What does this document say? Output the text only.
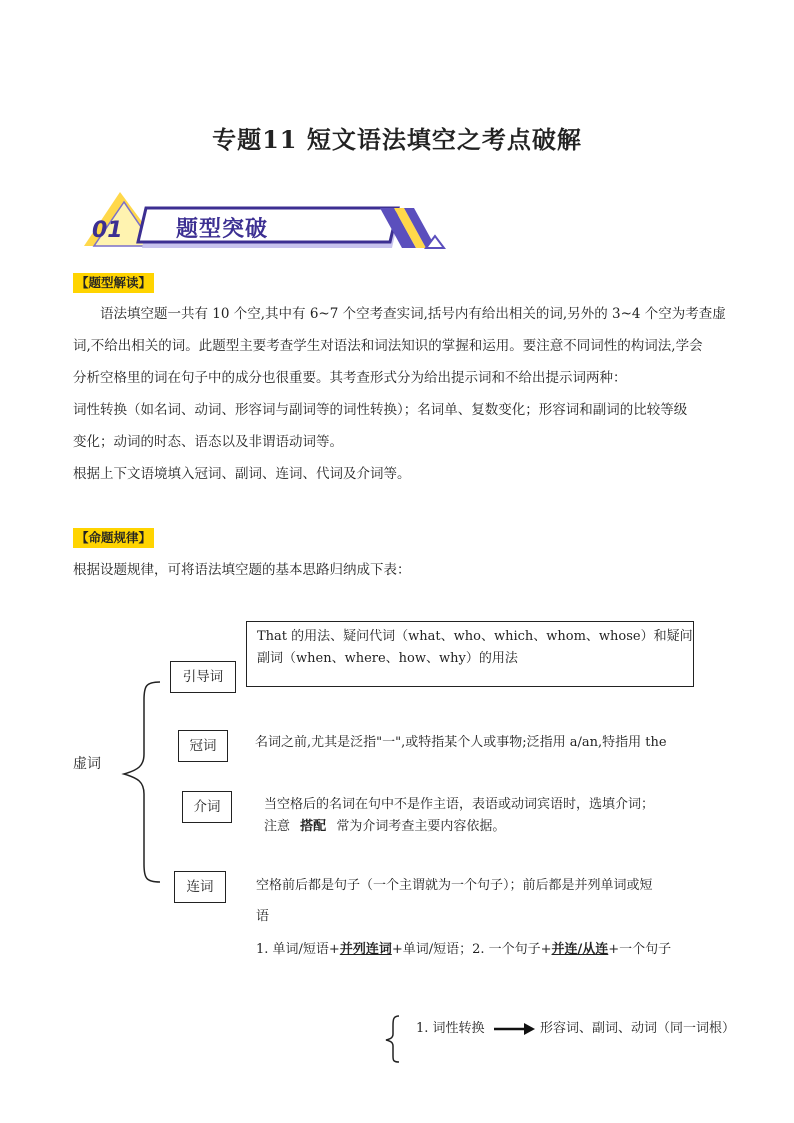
专题11 短文语法填空之考点破解
01 题型突破
【题型解读】
语法填空题一共有 10 个空,其中有 6~7 个空考查实词,括号内有给出相关的词,另外的 3~4 个空为考查虚
词,不给出相关的词。此题型主要考查学生对语法和词法知识的掌握和运用。要注意不同词性的构词法,学会
分析空格里的词在句子中的成分也很重要。其考查形式分为给出提示词和不给出提示词两种：
词性转换（如名词、动词、形容词与副词等的词性转换）；名词单、复数变化；形容词和副词的比较等级
变化；动词的时态、语态以及非谓语动词等。
根据上下文语境填入冠词、副词、连词、代词及介词等。
【命题规律】
根据设题规律，可将语法填空题的基本思路归纳成下表：
虚词
引导词
That 的用法、疑问代词（what、who、which、whom、whose）和疑问
副词（when、where、how、why）的用法
冠词	名词之前,尤其是泛指"一",或特指某个人或事物;泛指用 a/an,特指用 the
介词	当空格后的名词在句中不是作主语，表语或动词宾语时，选填介词；
注意 搭配 常为介词考查主要内容依据。
连词	空格前后都是句子（一个主谓就为一个句子）；前后都是并列单词或短
语
1. 单词/短语+并列连词+单词/短语；2. 一个句子+并连/从连+一个句子
1. 词性转换	形容词、副词、动词（同一词根）
